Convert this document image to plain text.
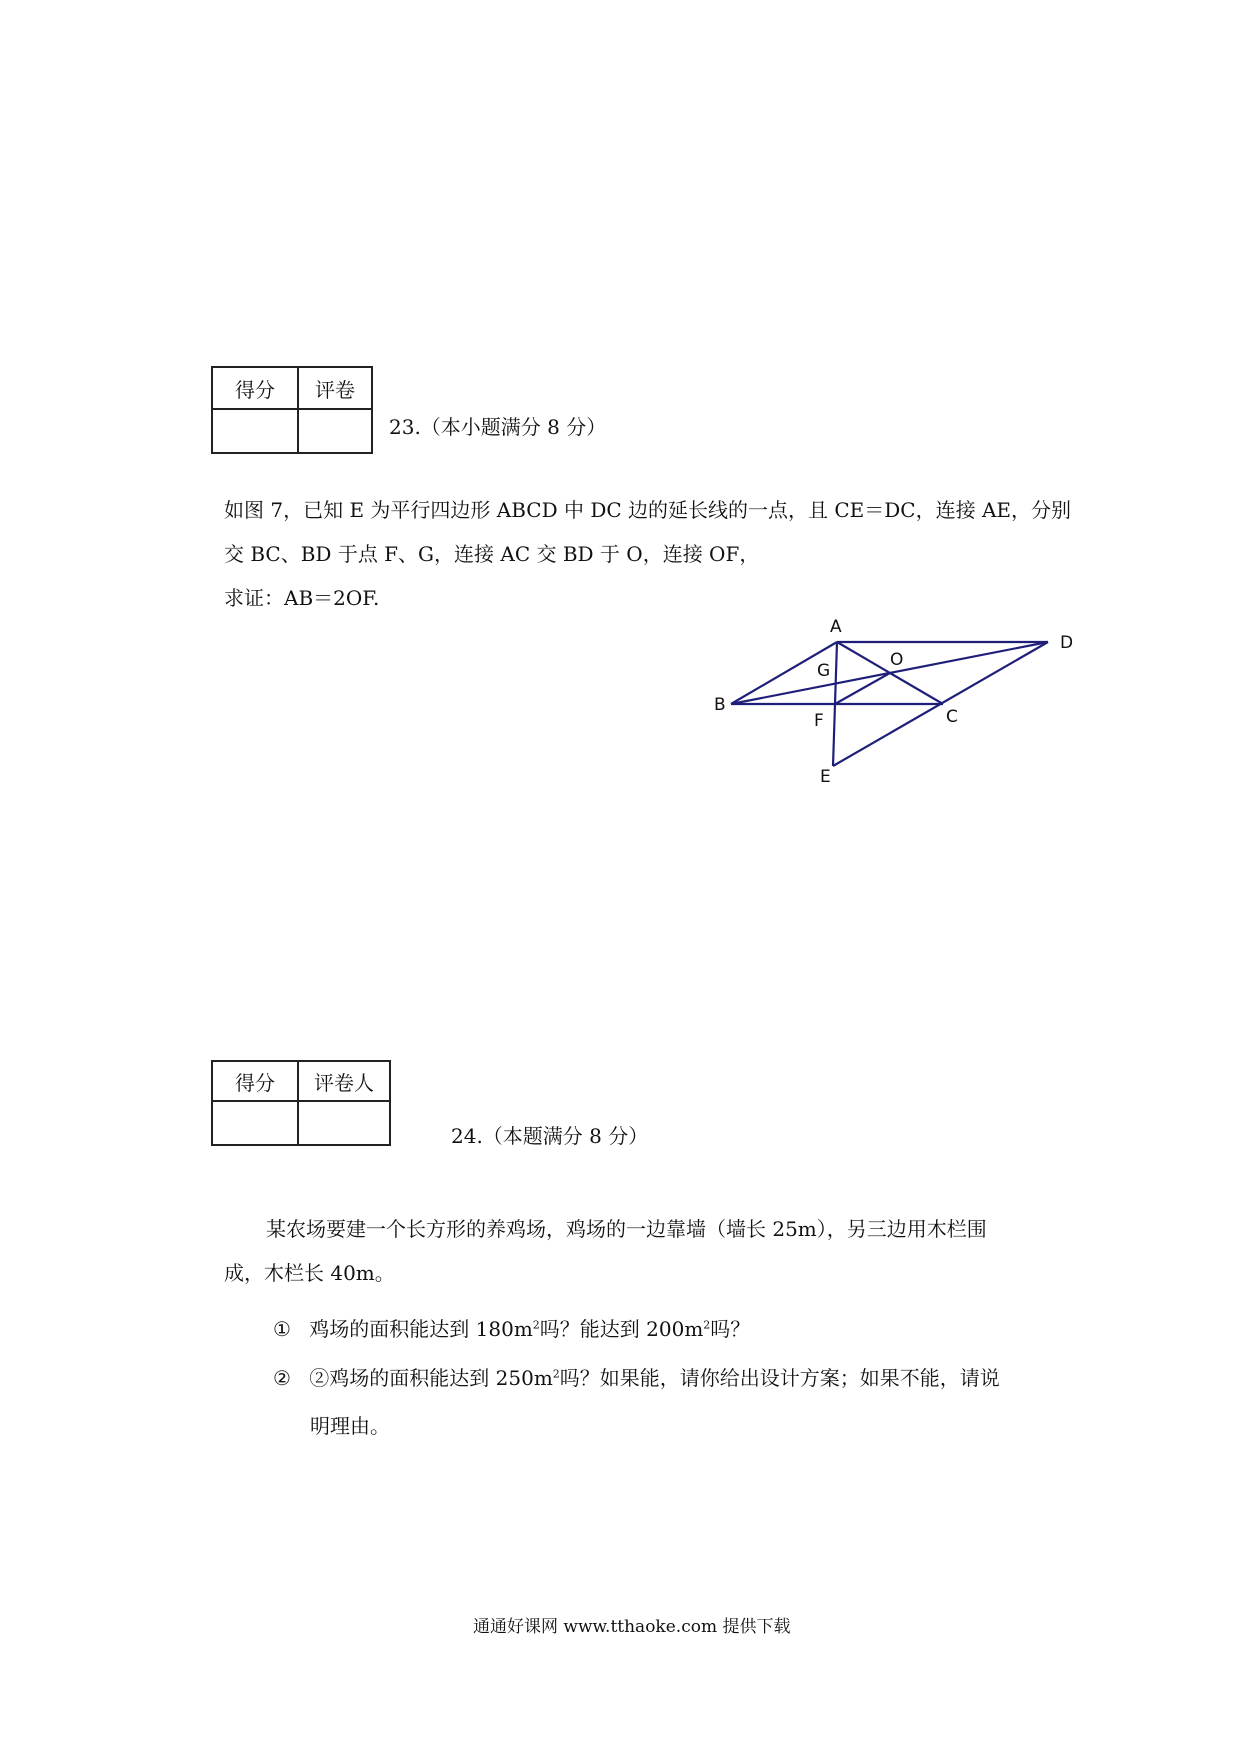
得分	评卷

23.（本小题满分 8 分）
如图 7，已知 E 为平行四边形 ABCD 中 DC 边的延长线的一点，且 CE＝DC，连接 AE，分别
交 BC、BD 于点 F、G，连接 AC 交 BD 于 O，连接 OF，
求证：AB＝2OF.
A
D
G
O
B
F	C
E
得分	评卷人

24.（本题满分 8 分）
某农场要建一个长方形的养鸡场，鸡场的一边靠墙（墙长 25m），另三边用木栏围
成，木栏长 40m。
① 鸡场的面积能达到 $180m^2$吗？能达到 $200m^2$吗？
② ②鸡场的面积能达到 $250m^2$吗？如果能，请你给出设计方案；如果不能，请说
明理由。
通通好课网 www.tthaoke.com 提供下载
